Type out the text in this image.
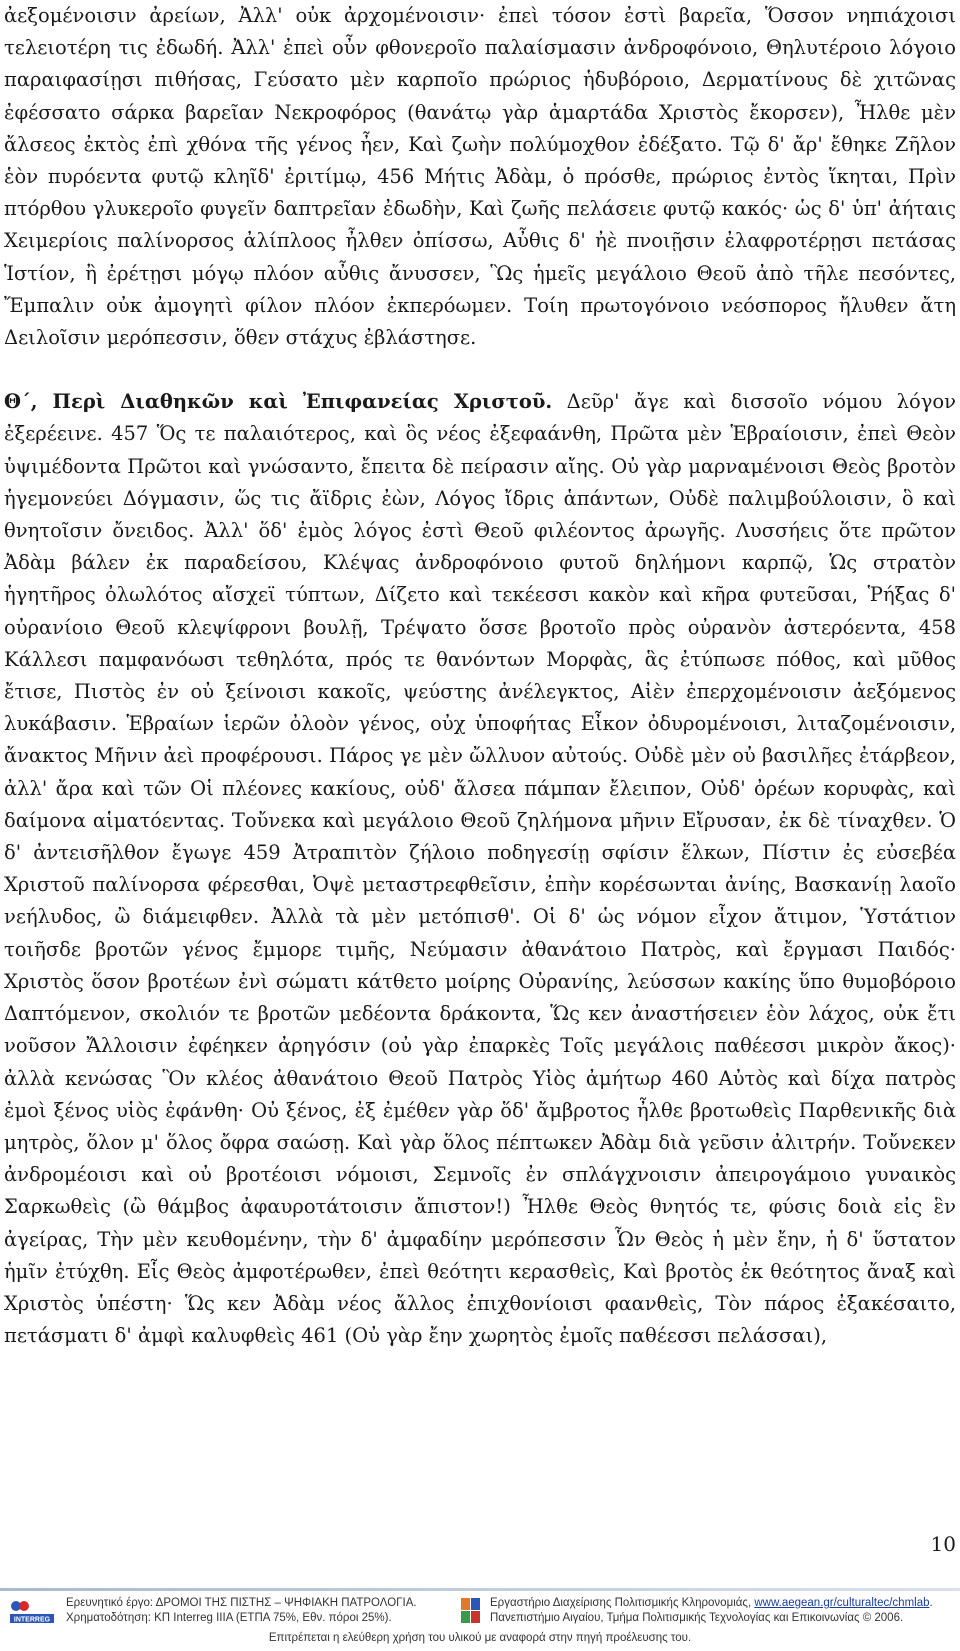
ἀεξομένοισιν ἀρείων, Ἀλλ' οὐκ ἀρχομένοισιν· ἐπεὶ τόσον ἐστὶ βαρεῖα, Ὅσσον νηπιάχοισι τελειοτέρη τις ἐδωδή. Ἀλλ' ἐπεὶ οὖν φθονεροῖο παλαίσμασιν ἀνδροφόνοιο, Θηλυτέροιο λόγοιο παραιφασίῃσι πιθήσας, Γεύσατο μὲν καρποῖο πρώριος ἡδυβόροιο, Δερματίνους δὲ χιτῶνας ἐφέσσατο σάρκα βαρεῖαν Νεκροφόρος (θανάτῳ γὰρ ἁμαρτάδα Χριστὸς ἔκορσεν), Ἦλθε μὲν ἄλσεος ἐκτὸς ἐπὶ χθόνα τῆς γένος ἦεν, Καὶ ζωὴν πολύμοχθον ἐδέξατο. Τῷ δ' ἄρ' ἔθηκε Ζῆλον ἑὸν πυρόεντα φυτῷ κληῖδ' ἐριτίμῳ, 456 Μήτις Ἀδὰμ, ὁ πρόσθε, πρώριος ἐντὸς ἵκηται, Πρὶν πτόρθου γλυκεροῖο φυγεῖν δαπτρεῖαν ἐδωδὴν, Καὶ ζωῆς πελάσειε φυτῷ κακός· ὡς δ' ὑπ' ἀήταις Χειμερίοις παλίνορσος ἀλίπλοος ἦλθεν ὀπίσσω, Αὖθις δ' ἠὲ πνοιῇσιν ἐλαφροτέρῃσι πετάσας Ἱστίον, ἢ ἐρέτῃσι μόγῳ πλόον αὖθις ἄνυσσεν, Ὣς ἡμεῖς μεγάλοιο Θεοῦ ἀπὸ τῆλε πεσόντες, Ἔμπαλιν οὐκ ἀμογητὶ φίλον πλόον ἐκπερόωμεν. Τοίη πρωτογόνοιο νεόσπορος ἤλυθεν ἄτη Δειλοῖσιν μερόπεσσιν, ὅθεν στάχυς ἐβλάστησε.

Θ΄, Περὶ Διαθηκῶν καὶ Ἐπιφανείας Χριστοῦ. Δεῦρ' ἄγε καὶ δισσοῖο νόμου λόγον ἐξερέεινε. 457 Ὅς τε παλαιότερος, καὶ ὃς νέος ἐξεφαάνθη, Πρῶτα μὲν Ἑβραίοισιν, ἐπεὶ Θεὸν ὑψιμέδοντα Πρῶτοι καὶ γνώσαντο, ἔπειτα δὲ πείρασιν αἴης. Οὐ γὰρ μαρναμένοισι Θεὸς βροτὸν ἡγεμονεύει Δόγμασιν, ὥς τις ἄϊδρις ἐὼν, Λόγος ἴδρις ἁπάντων, Οὐδὲ παλιμβούλοισιν, ὃ καὶ θνητοῖσιν ὄνειδος. Ἀλλ' ὅδ' ἐμὸς λόγος ἐστὶ Θεοῦ φιλέοντος ἀρωγῆς. Λυσσήεις ὅτε πρῶτον Ἀδὰμ βάλεν ἐκ παραδείσου, Κλέψας ἀνδροφόνοιο φυτοῦ δηλήμονι καρπῷ, Ὡς στρατὸν ἡγητῆρος ὀλωλότος αἴσχεϊ τύπτων, Δίζετο καὶ τεκέεσσι κακὸν καὶ κῆρα φυτεῦσαι, Ῥήξας δ' οὐρανίοιο Θεοῦ κλεψίφρονι βουλῇ, Τρέψατο ὅσσε βροτοῖο πρὸς οὐρανὸν ἀστερόεντα, 458 Κάλλεσι παμφανόωσι τεθηλότα, πρός τε θανόντων Μορφὰς, ἃς ἐτύπωσε πόθος, καὶ μῦθος ἔτισε, Πιστὸς ἐν οὐ ξείνοισι κακοῖς, ψεύστης ἀνέλεγκτος, Αἰὲν ἐπερχομένοισιν ἀεξόμενος λυκάβασιν. Ἑβραίων ἱερῶν ὀλοὸν γένος, οὐχ ὑποφήτας Εἶκον ὀδυρομένοισι, λιταζομένοισιν, ἄνακτος Μῆνιν ἀεὶ προφέρουσι. Πάρος γε μὲν ὤλλυον αὐτούς. Οὐδὲ μὲν οὐ βασιλῆες ἐτάρβεον, ἀλλ' ἄρα καὶ τῶν Οἱ πλέονες κακίους, οὐδ' ἄλσεα πάμπαν ἔλειπον, Οὐδ' ὀρέων κορυφὰς, καὶ δαίμονα αἱματόεντας. Τοὔνεκα καὶ μεγάλοιο Θεοῦ ζηλήμονα μῆνιν Εἴρυσαν, ἐκ δὲ τίναχθεν. Ὁ δ' ἀντεισῆλθον ἔγωγε 459 Ἀτραπιτὸν ζήλοιο ποδηγεσίῃ σφίσιν ἕλκων, Πίστιν ἐς εὐσεβέα Χριστοῦ παλίνορσα φέρεσθαι, Ὀψὲ μεταστρεφθεῖσιν, ἐπὴν κορέσωνται ἀνίης, Βασκανίῃ λαοῖο νεήλυδος, ὢ διάμειφθεν. Ἀλλὰ τὰ μὲν μετόπισθ'. Οἱ δ' ὡς νόμον εἶχον ἄτιμον, Ὑστάτιον τοιῆσδε βροτῶν γένος ἔμμορε τιμῆς, Νεύμασιν ἀθανάτοιο Πατρὸς, καὶ ἔργμασι Παιδός· Χριστὸς ὅσον βροτέων ἐνὶ σώματι κάτθετο μοίρης Οὐρανίης, λεύσσων κακίης ὕπο θυμοβόροιο Δαπτόμενον, σκολιόν τε βροτῶν μεδέοντα δράκοντα, Ὥς κεν ἀναστήσειεν ἑὸν λάχος, οὐκ ἔτι νοῦσον Ἄλλοισιν ἐφέηκεν ἀρηγόσιν (οὐ γὰρ ἐπαρκὲς Τοῖς μεγάλοις παθέεσσι μικρὸν ἄκος)· ἀλλὰ κενώσας Ὃν κλέος ἀθανάτοιο Θεοῦ Πατρὸς Υἱὸς ἀμήτωρ 460 Αὐτὸς καὶ δίχα πατρὸς ἐμοὶ ξένος υἱὸς ἐφάνθη· Οὐ ξένος, ἐξ ἐμέθεν γὰρ ὅδ' ἄμβροτος ἦλθε βροτωθεὶς Παρθενικῆς διὰ μητρὸς, ὅλον μ' ὅλος ὄφρα σαώσῃ. Καὶ γὰρ ὅλος πέπτωκεν Ἀδὰμ διὰ γεῦσιν ἀλιτρήν. Τοὔνεκεν ἀνδρομέοισι καὶ οὐ βροτέοισι νόμοισι, Σεμνοῖς ἐν σπλάγχνοισιν ἀπειρογάμοιο γυναικὸς Σαρκωθεὶς (ὢ θάμβος ἀφαυροτάτοισιν ἄπιστον!) Ἦλθε Θεὸς θνητός τε, φύσις δοιὰ εἰς ἓν ἀγείρας, Τὴν μὲν κευθομένην, τὴν δ' ἀμφαδίην μερόπεσσιν Ὧν Θεὸς ἡ μὲν ἔην, ἡ δ' ὕστατον ἡμῖν ἐτύχθη. Εἷς Θεὸς ἀμφοτέρωθεν, ἐπεὶ θεότητι κερασθεὶς, Καὶ βροτὸς ἐκ θεότητος ἄναξ καὶ Χριστὸς ὑπέστη· Ὥς κεν Ἀδὰμ νέος ἄλλος ἐπιχθονίοισι φαανθεὶς, Τὸν πάρος ἐξακέσαιτο, πετάσματι δ' ἀμφὶ καλυφθεὶς 461 (Οὐ γὰρ ἔην χωρητὸς ἐμοῖς παθέεσσι πελάσσαι),

10
INTERREG
Ερευνητικό έργο: ΔΡΟΜΟΙ ΤΗΣ ΠΙΣΤΗΣ – ΨΗΦΙΑΚΗ ΠΑΤΡΟΛΟΓΙΑ.
Χρηματοδότηση: ΚΠ Interreg IIIA (ΕΤΠΑ 75%, Εθν. πόροι 25%).
Εργαστήριο Διαχείρισης Πολιτισμικής Κληρονομιάς, www.aegean.gr/culturaltec/chmlab.
Πανεπιστήμιο Αιγαίου, Τμήμα Πολιτισμικής Τεχνολογίας και Επικοινωνίας © 2006.
Επιτρέπεται η ελεύθερη χρήση του υλικού με αναφορά στην πηγή προέλευσης του.
